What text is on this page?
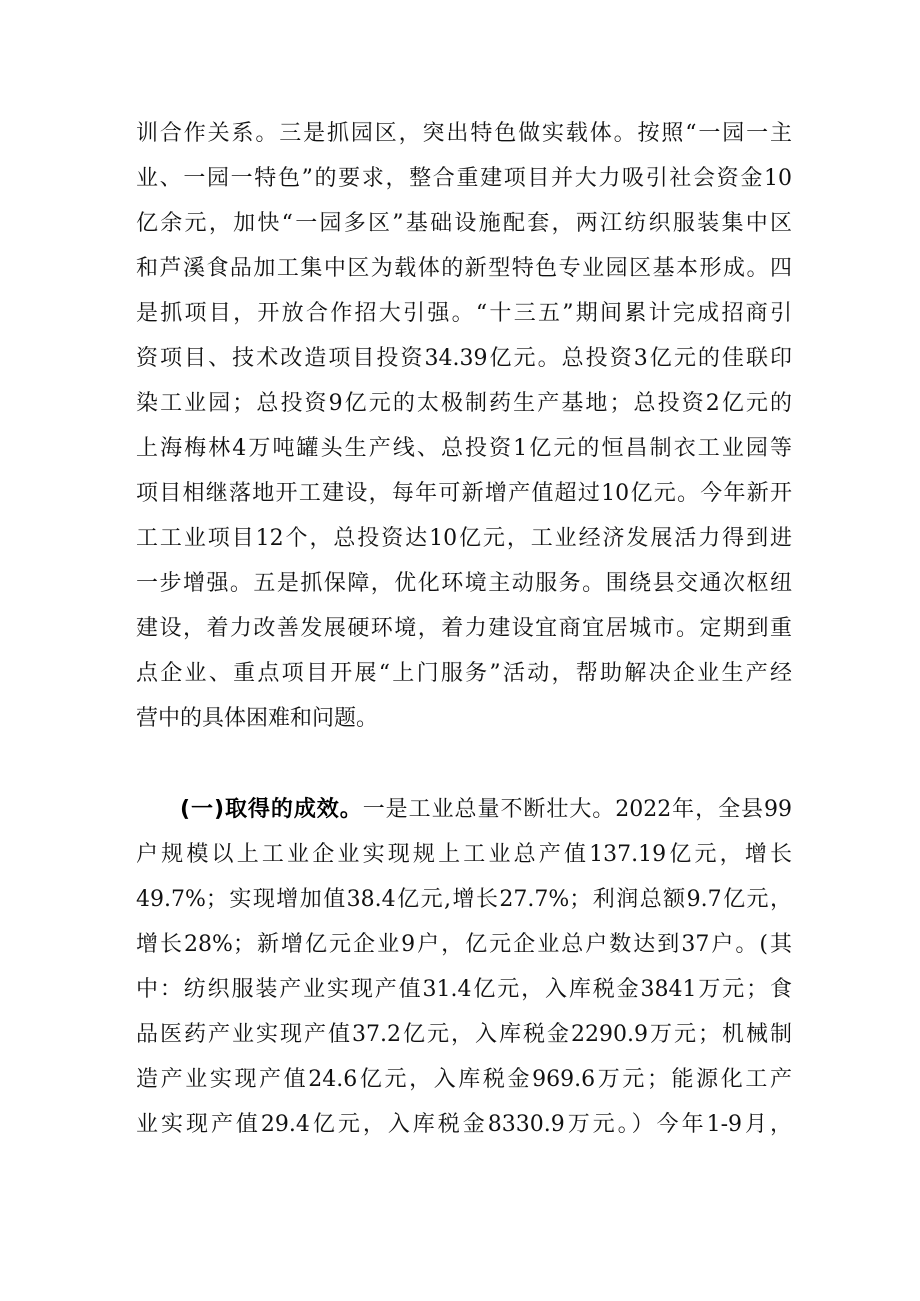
训合作关系。三是抓园区，突出特色做实载体。按照“一园一主
业、一园一特色”的要求，整合重建项目并大力吸引社会资金10
亿余元，加快“一园多区”基础设施配套，两江纺织服装集中区
和芦溪食品加工集中区为载体的新型特色专业园区基本形成。四
是抓项目，开放合作招大引强。“十三五”期间累计完成招商引
资项目、技术改造项目投资34.39亿元。总投资3亿元的佳联印
染工业园；总投资9亿元的太极制药生产基地；总投资2亿元的
上海梅林4万吨罐头生产线、总投资1亿元的恒昌制衣工业园等
项目相继落地开工建设，每年可新增产值超过10亿元。今年新开
工工业项目12个，总投资达10亿元，工业经济发展活力得到进
一步增强。五是抓保障，优化环境主动服务。围绕县交通次枢纽
建设，着力改善发展硬环境，着力建设宜商宜居城市。定期到重
点企业、重点项目开展“上门服务”活动，帮助解决企业生产经
营中的具体困难和问题。
(一)取得的成效。一是工业总量不断壮大。2022年，全县99
户规模以上工业企业实现规上工业总产值137.19亿元，增长
49.7%；实现增加值38.4亿元,增长27.7%；利润总额9.7亿元，
增长28%；新增亿元企业9户，亿元企业总户数达到37户。(其
中：纺织服装产业实现产值31.4亿元，入库税金3841万元；食
品医药产业实现产值37.2亿元，入库税金2290.9万元；机械制
造产业实现产值24.6亿元，入库税金969.6万元；能源化工产
业实现产值29.4亿元，入库税金8330.9万元。）今年1-9月，
